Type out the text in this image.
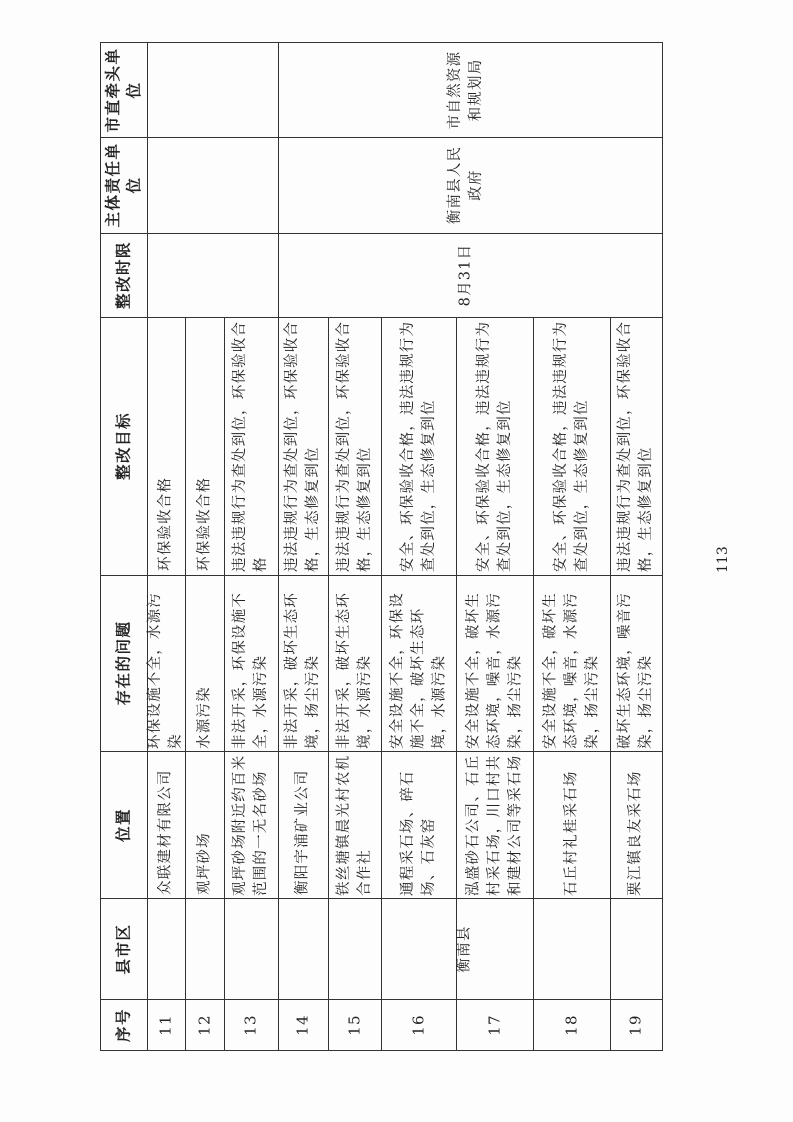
序号
县市区
位置
存在的问题
整改目标
整改时限
主体责任单位
市直牵头单位
衡南县
8月31日
衡南县人民政府
市自然资源和规划局
11
众联建材有限公司
环保设施不全，水源污染
环保验收合格
12
观坪砂场
水源污染
环保验收合格
13
观坪砂场附近约百米范围的一无名砂场
非法开采，环保设施不全，水源污染
违法违规行为查处到位，环保验收合格
14
衡阳宇浦矿业公司
非法开采，破坏生态环境，扬尘污染
违法违规行为查处到位，环保验收合格，生态修复到位
15
铁丝塘镇晨光村农机合作社
非法开采，破坏生态环境，水源污染
违法违规行为查处到位，环保验收合格，生态修复到位
16
通程采石场、碎石场、石灰窑
安全设施不全，环保设施不全，破坏生态环境，水源污染
安全、环保验收合格，违法违规行为查处到位，生态修复到位
17
泓盛砂石公司、石丘村采石场，川口村共和建材公司等采石场
安全设施不全，破坏生态环境，噪音，水源污染，扬尘污染
安全、环保验收合格，违法违规行为查处到位，生态修复到位
18
石丘村礼桂采石场
安全设施不全，破坏生态环境，噪音，水源污染，扬尘污染
安全、环保验收合格，违法违规行为查处到位，生态修复到位
19
栗江镇良友采石场
破坏生态环境，噪音污染，扬尘污染
违法违规行为查处到位，环保验收合格，生态修复到位	113
